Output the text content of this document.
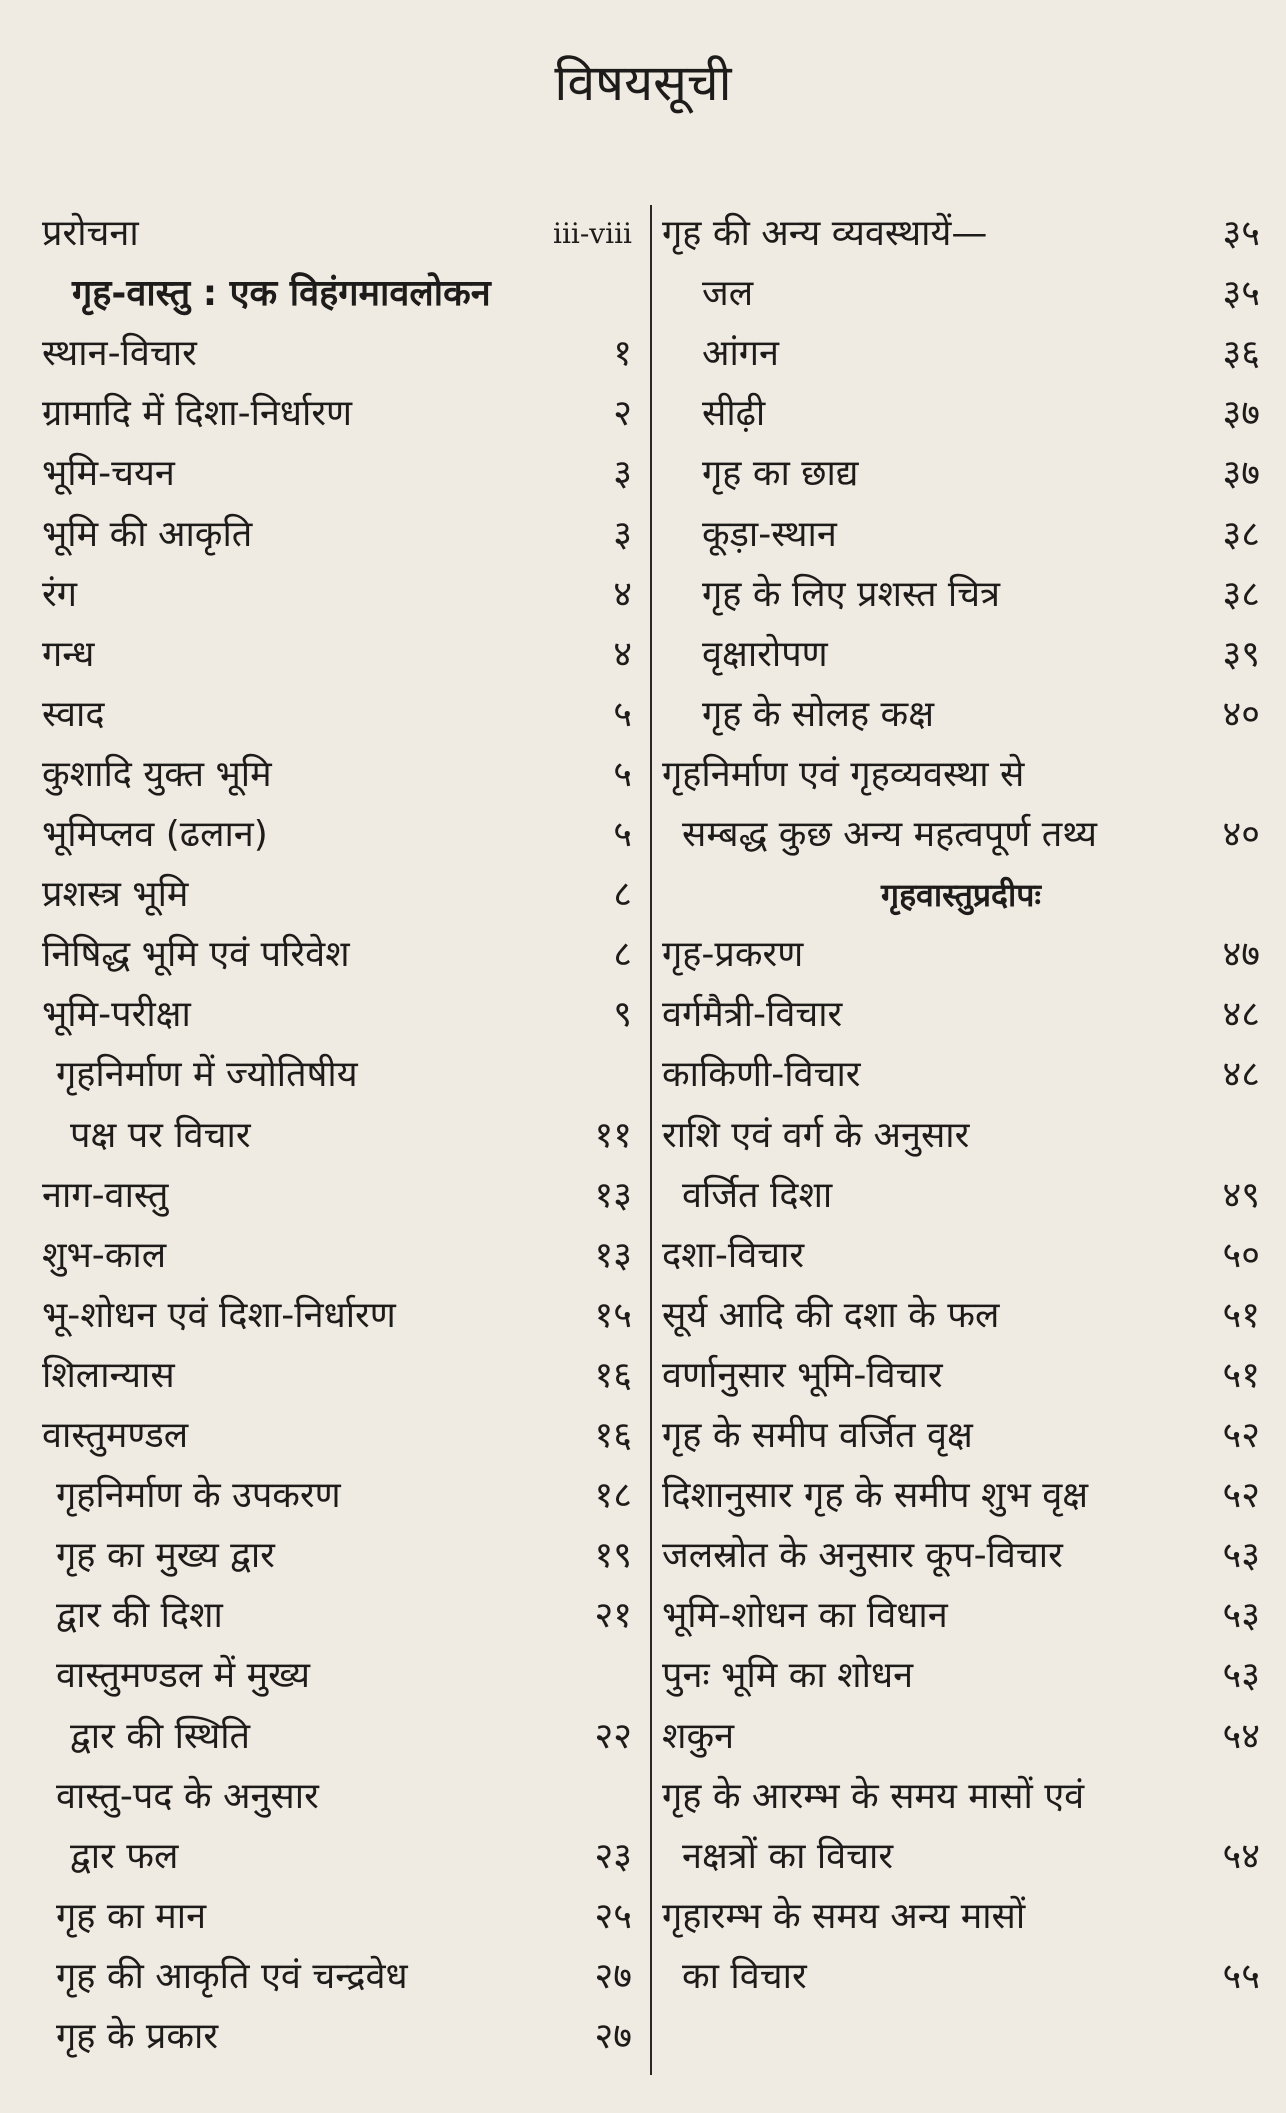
विषयसूची
प्ररोचना	iii-viii
गृह-वास्तु : एक विहंगमावलोकन
स्थान-विचार	१
ग्रामादि में दिशा-निर्धारण	२
भूमि-चयन	३
भूमि की आकृति	३
रंग	४
गन्ध	४
स्वाद	५
कुशादि युक्त भूमि	५
भूमिप्लव (ढलान)	५
प्रशस्त्र भूमि	८
निषिद्ध भूमि एवं परिवेश	८
भूमि-परीक्षा	९
गृहनिर्माण में ज्योतिषीय
पक्ष पर विचार	११
नाग-वास्तु	१३
शुभ-काल	१३
भू-शोधन एवं दिशा-निर्धारण	१५
शिलान्यास	१६
वास्तुमण्डल	१६
गृहनिर्माण के उपकरण	१८
गृह का मुख्य द्वार	१९
द्वार की दिशा	२१
वास्तुमण्डल में मुख्य
द्वार की स्थिति	२२
वास्तु-पद के अनुसार
द्वार फल	२३
गृह का मान	२५
गृह की आकृति एवं चन्द्रवेध	२७
गृह के प्रकार	२७
गृह की अन्य व्यवस्थायें—	३५
जल	३५
आंगन	३६
सीढ़ी	३७
गृह का छाद्य	३७
कूड़ा-स्थान	३८
गृह के लिए प्रशस्त चित्र	३८
वृक्षारोपण	३९
गृह के सोलह कक्ष	४०
गृहनिर्माण एवं गृहव्यवस्था से
सम्बद्ध कुछ अन्य महत्वपूर्ण तथ्य	४०
गृहवास्तुप्रदीपः
गृह-प्रकरण	४७
वर्गमैत्री-विचार	४८
काकिणी-विचार	४८
राशि एवं वर्ग के अनुसार
वर्जित दिशा	४९
दशा-विचार	५०
सूर्य आदि की दशा के फल	५१
वर्णानुसार भूमि-विचार	५१
गृह के समीप वर्जित वृक्ष	५२
दिशानुसार गृह के समीप शुभ वृक्ष	५२
जलस्रोत के अनुसार कूप-विचार	५३
भूमि-शोधन का विधान	५३
पुनः भूमि का शोधन	५३
शकुन	५४
गृह के आरम्भ के समय मासों एवं
नक्षत्रों का विचार	५४
गृहारम्भ के समय अन्य मासों
का विचार	५५
